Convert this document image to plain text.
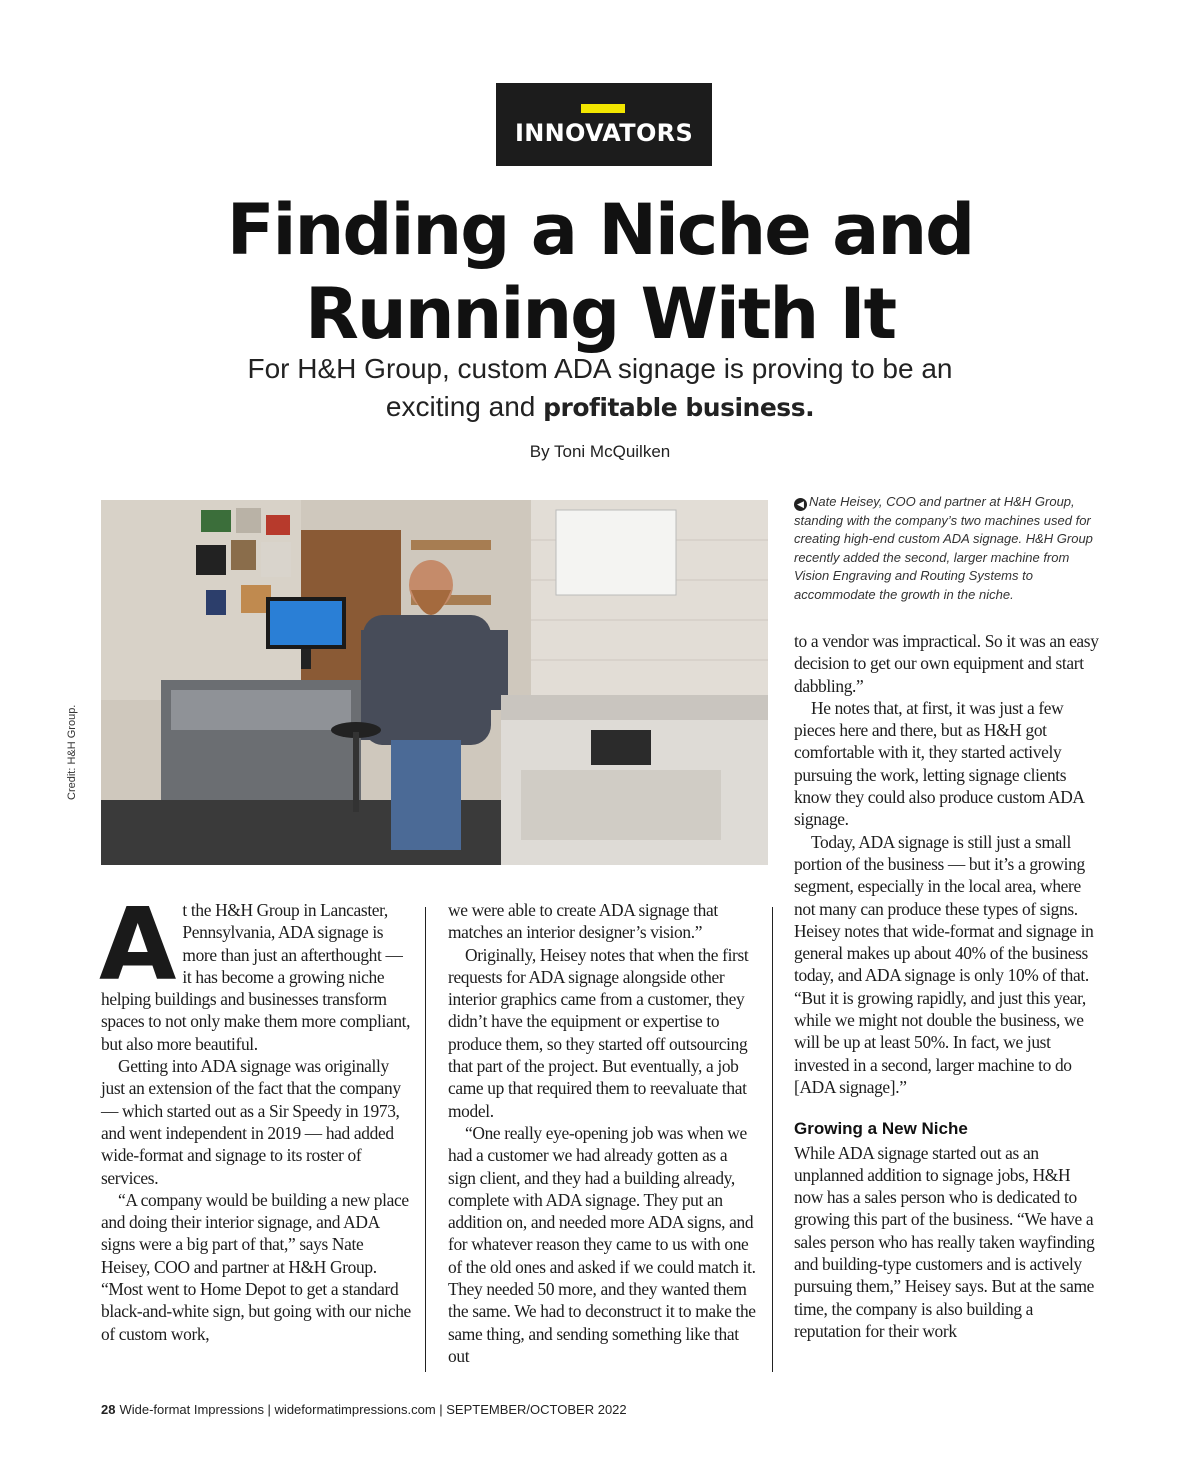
INNOVATORS
Finding a Niche and
Running With It
For H&H Group, custom ADA signage is proving to be an
exciting and profitable business.
By Toni McQuilken
Credit: H&H Group.
◀ Nate Heisey, COO and partner at H&H Group, standing with the company’s two machines used for creating high-end custom ADA signage. H&H Group recently added the second, larger machine from Vision Engraving and Routing Systems to accommodate the growth in the niche.

At the H&H Group in Lancaster, Pennsylvania, ADA signage is more than just an afterthought — it has become a growing niche helping buildings and businesses transform spaces to not only make them more compliant, but also more beautiful.

Getting into ADA signage was originally just an extension of the fact that the company — which started out as a Sir Speedy in 1973, and went independent in 2019 — had added wide-format and signage to its roster of services.

“A company would be building a new place and doing their interior signage, and ADA signs were a big part of that,” says Nate Heisey, COO and partner at H&H Group. “Most went to Home Depot to get a standard black-and-white sign, but going with our niche of custom work,

we were able to create ADA signage that matches an interior designer’s vision.”

Originally, Heisey notes that when the first requests for ADA signage alongside other interior graphics came from a customer, they didn’t have the equipment or expertise to produce them, so they started off outsourcing that part of the project. But eventually, a job came up that required them to reevaluate that model.

“One really eye-opening job was when we had a customer we had already gotten as a sign client, and they had a building already, complete with ADA signage. They put an addition on, and needed more ADA signs, and for whatever reason they came to us with one of the old ones and asked if we could match it. They needed 50 more, and they wanted them the same. We had to deconstruct it to make the same thing, and sending something like that out

to a vendor was impractical. So it was an easy decision to get our own equipment and start dabbling.”

He notes that, at first, it was just a few pieces here and there, but as H&H got comfortable with it, they started actively pursuing the work, letting signage clients know they could also produce custom ADA signage.

Today, ADA signage is still just a small portion of the business — but it’s a growing segment, especially in the local area, where not many can produce these types of signs. Heisey notes that wide-format and signage in general makes up about 40% of the business today, and ADA signage is only 10% of that. “But it is growing rapidly, and just this year, while we might not double the business, we will be up at least 50%. In fact, we just invested in a second, larger machine to do [ADA signage].”

Growing a New Niche

While ADA signage started out as an unplanned addition to signage jobs, H&H now has a sales person who is dedicated to growing this part of the business. “We have a sales person who has really taken wayfinding and building-type customers and is actively pursuing them,” Heisey says. But at the same time, the company is also building a reputation for their work

28 Wide-format Impressions | wideformatimpressions.com | SEPTEMBER/OCTOBER 2022
